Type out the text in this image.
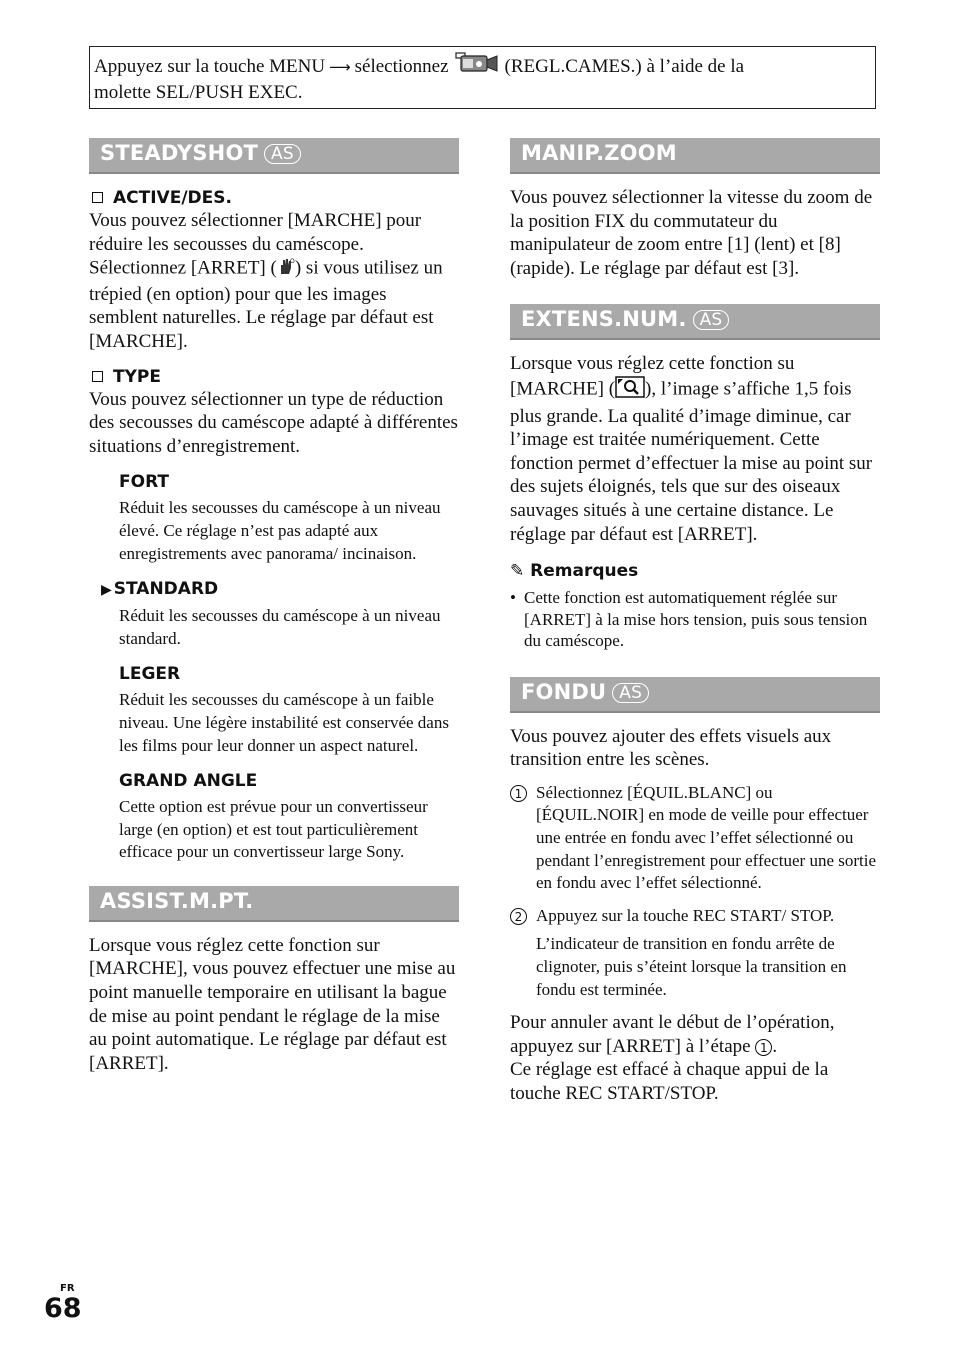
Appuyez sur la touche MENU ⟶ sélectionnez	(REGL.CAMES.) à l’aide de la
molette SEL/PUSH EXEC.
STEADYSHOT AS
ACTIVE/DES.

Vous pouvez sélectionner [MARCHE] pour réduire les secousses du caméscope. Sélectionnez [ARRET] ( O ) si vous utilisez un trépied (en option) pour que les images semblent naturelles. Le réglage par défaut est [MARCHE].

TYPE

Vous pouvez sélectionner un type de réduction des secousses du caméscope adapté à différentes situations d’enregistrement.

FORT

Réduit les secousses du caméscope à un niveau élevé. Ce réglage n’est pas adapté aux enregistrements avec panorama/ incinaison.

▶ STANDARD

Réduit les secousses du caméscope à un niveau standard.

LEGER

Réduit les secousses du caméscope à un faible niveau. Une légère instabilité est conservée dans les films pour leur donner un aspect naturel.

GRAND ANGLE

Cette option est prévue pour un convertisseur large (en option) et est tout particulièrement efficace pour un convertisseur large Sony.

ASSIST.M.PT.

Lorsque vous réglez cette fonction sur [MARCHE], vous pouvez effectuer une mise au point manuelle temporaire en utilisant la bague de mise au point pendant le réglage de la mise au point automatique. Le réglage par défaut est [ARRET].

MANIP.ZOOM

Vous pouvez sélectionner la vitesse du zoom de la position FIX du commutateur du manipulateur de zoom entre [1] (lent) et [8] (rapide). Le réglage par défaut est [3].

EXTENS.NUM. AS

Lorsque vous réglez cette fonction su [MARCHE] ( ), l’image s’affiche 1,5 fois plus grande. La qualité d’image diminue, car l’image est traitée numériquement. Cette fonction permet d’effectuer la mise au point sur des sujets éloignés, tels que sur des oiseaux sauvages situés à une certaine distance. Le réglage par défaut est [ARRET].

✎ Remarques
• Cette fonction est automatiquement réglée sur [ARRET] à la mise hors tension, puis sous tension du caméscope.
FONDU AS

Vous pouvez ajouter des effets visuels aux transition entre les scènes.

1 Sélectionnez [ÉQUIL.BLANC] ou [ÉQUIL.NOIR] en mode de veille pour effectuer une entrée en fondu avec l’effet sélectionné ou pendant l’enregistrement pour effectuer une sortie en fondu avec l’effet sélectionné.
2 Appuyez sur la touche REC START/ STOP.

L’indicateur de transition en fondu arrête de clignoter, puis s’éteint lorsque la transition en fondu est terminée.

Pour annuler avant le début de l’opération, appuyez sur [ARRET] à l’étape 1 .

Ce réglage est effacé à chaque appui de la touche REC START/STOP.

FR
68
